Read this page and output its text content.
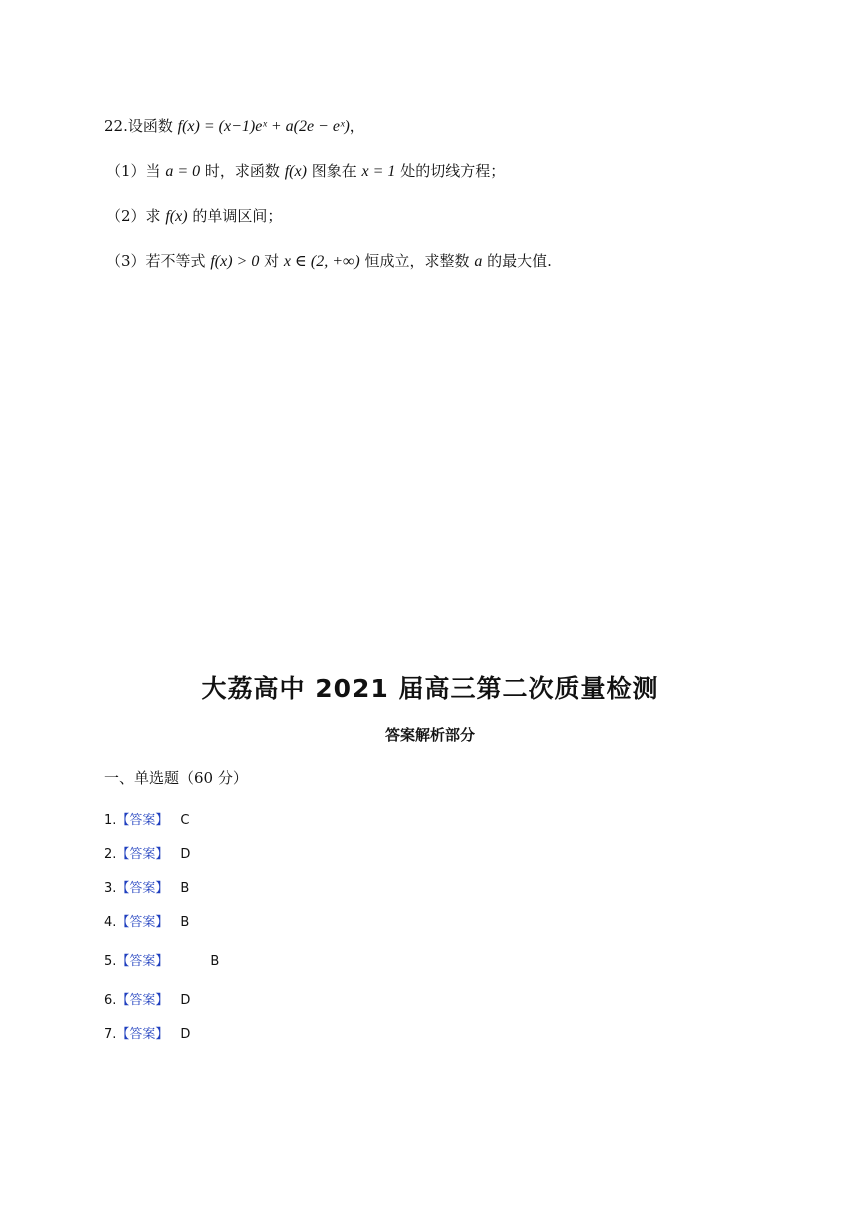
22.设函数 f(x) = (x−1)eˣ + a(2e − eˣ)，
（1）当 a = 0 时，求函数 f(x) 图象在 x = 1 处的切线方程；
（2）求 f(x) 的单调区间；
（3）若不等式 f(x) > 0 对 x ∈ (2, +∞) 恒成立，求整数 a 的最大值.
大荔高中 2021 届高三第二次质量检测
答案解析部分
一、单选题（60 分）
1.【答案】 C
2.【答案】 D
3.【答案】 B
4.【答案】 B
5.【答案】	B
6.【答案】 D
7.【答案】 D
